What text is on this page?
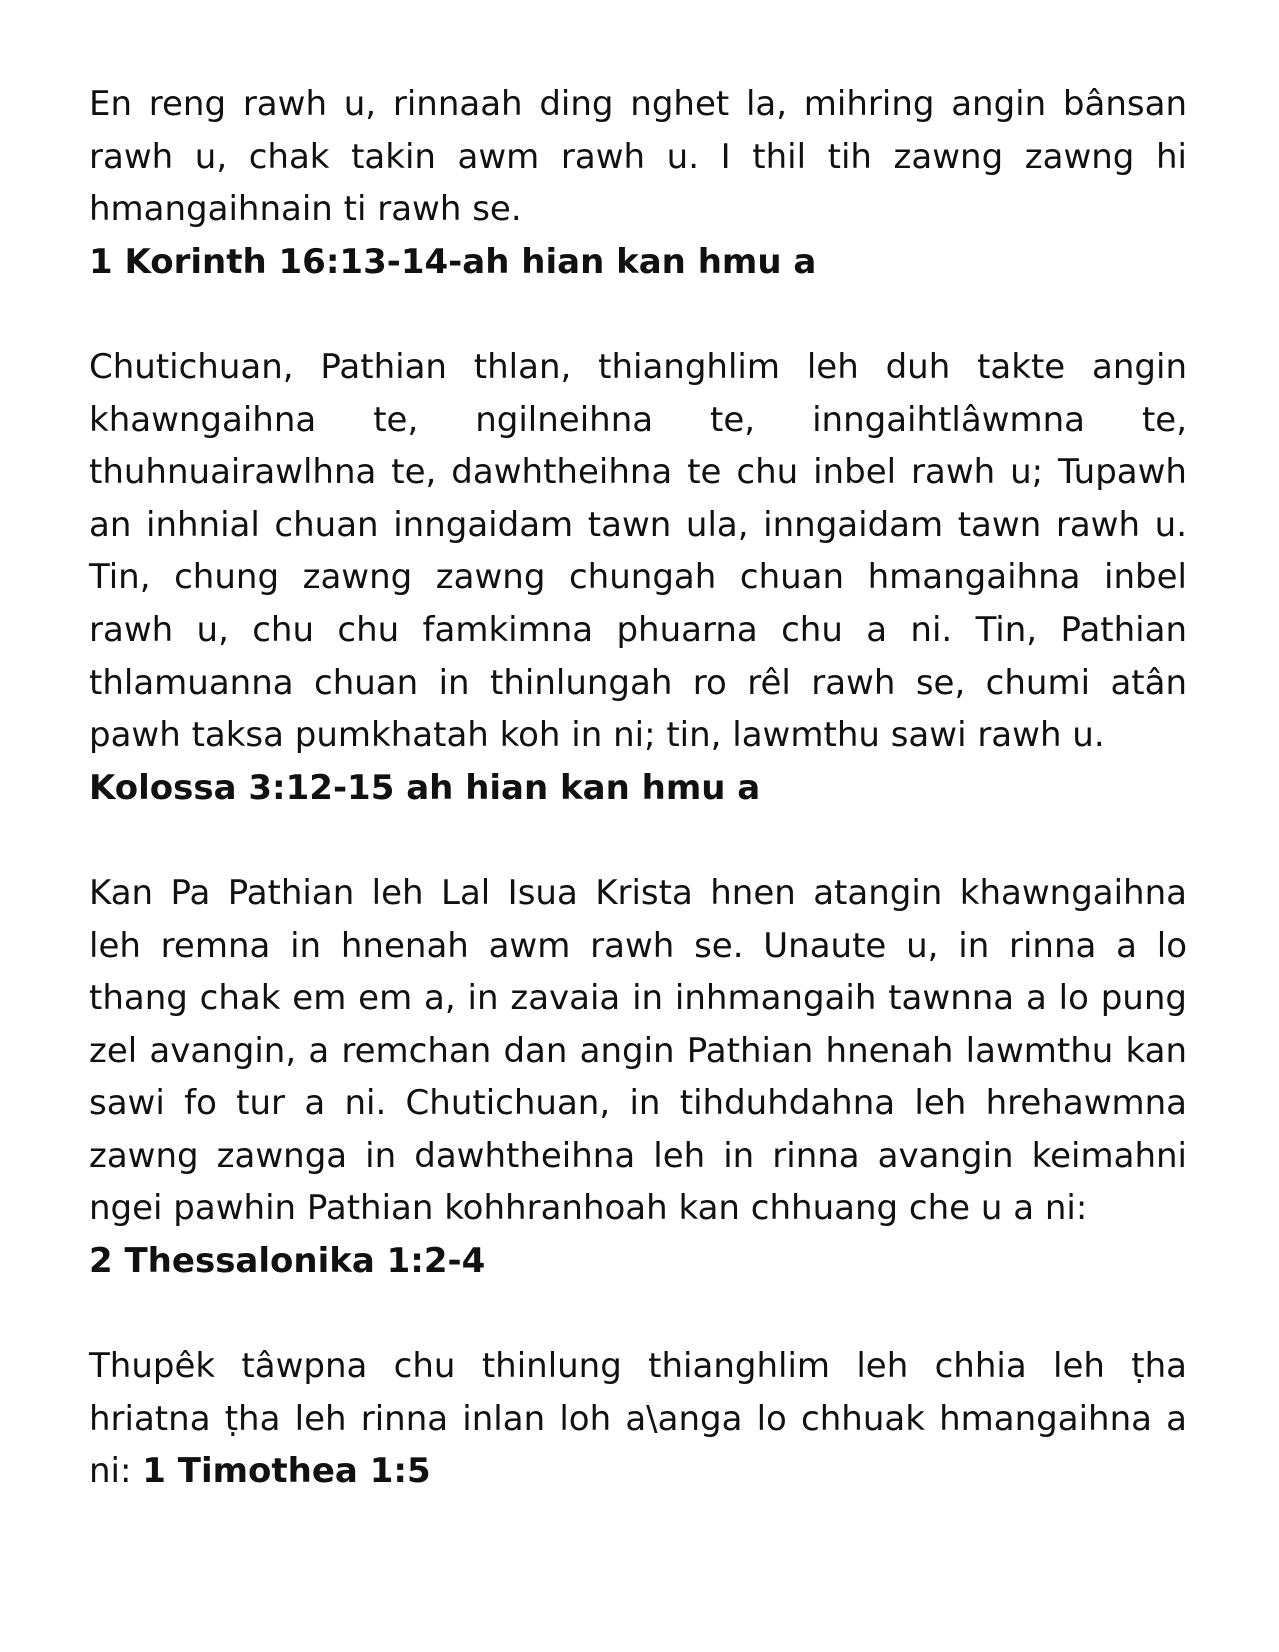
En reng rawh u, rinnaah ding nghet la, mihring angin bânsan rawh u, chak takin awm rawh u. I thil tih zawng zawng hi hmangaihnain ti rawh se.

1 Korinth 16:13-14-ah hian kan hmu a

Chutichuan, Pathian thlan, thianghlim leh duh takte angin khawngaihna te, ngilneihna te, inngaihtlâwmna te, thuhnuairawlhna te, dawhtheihna te chu inbel rawh u; Tupawh an inhnial chuan inngaidam tawn ula, inngaidam tawn rawh u. Tin, chung zawng zawng chungah chuan hmangaihna inbel rawh u, chu chu famkimna phuarna chu a ni. Tin, Pathian thlamuanna chuan in thinlungah ro rêl rawh se, chumi atân pawh taksa pumkhatah koh in ni; tin, lawmthu sawi rawh u.

Kolossa 3:12-15 ah hian kan hmu a

Kan Pa Pathian leh Lal Isua Krista hnen atangin khawngaihna leh remna in hnenah awm rawh se. Unaute u, in rinna a lo thang chak em em a, in zavaia in inhmangaih tawnna a lo pung zel avangin, a remchan dan angin Pathian hnenah lawmthu kan sawi fo tur a ni. Chutichuan, in tihduhdahna leh hrehawmna zawng zawnga in dawhtheihna leh in rinna avangin keimahni ngei pawhin Pathian kohhranhoah kan chhuang che u a ni:

2 Thessalonika 1:2-4

Thupêk tâwpna chu thinlung thianghlim leh chhia leh ṭha hriatna ṭha leh rinna inlan loh a\anga lo chhuak hmangaihna a ni: 1 Timothea 1:5
